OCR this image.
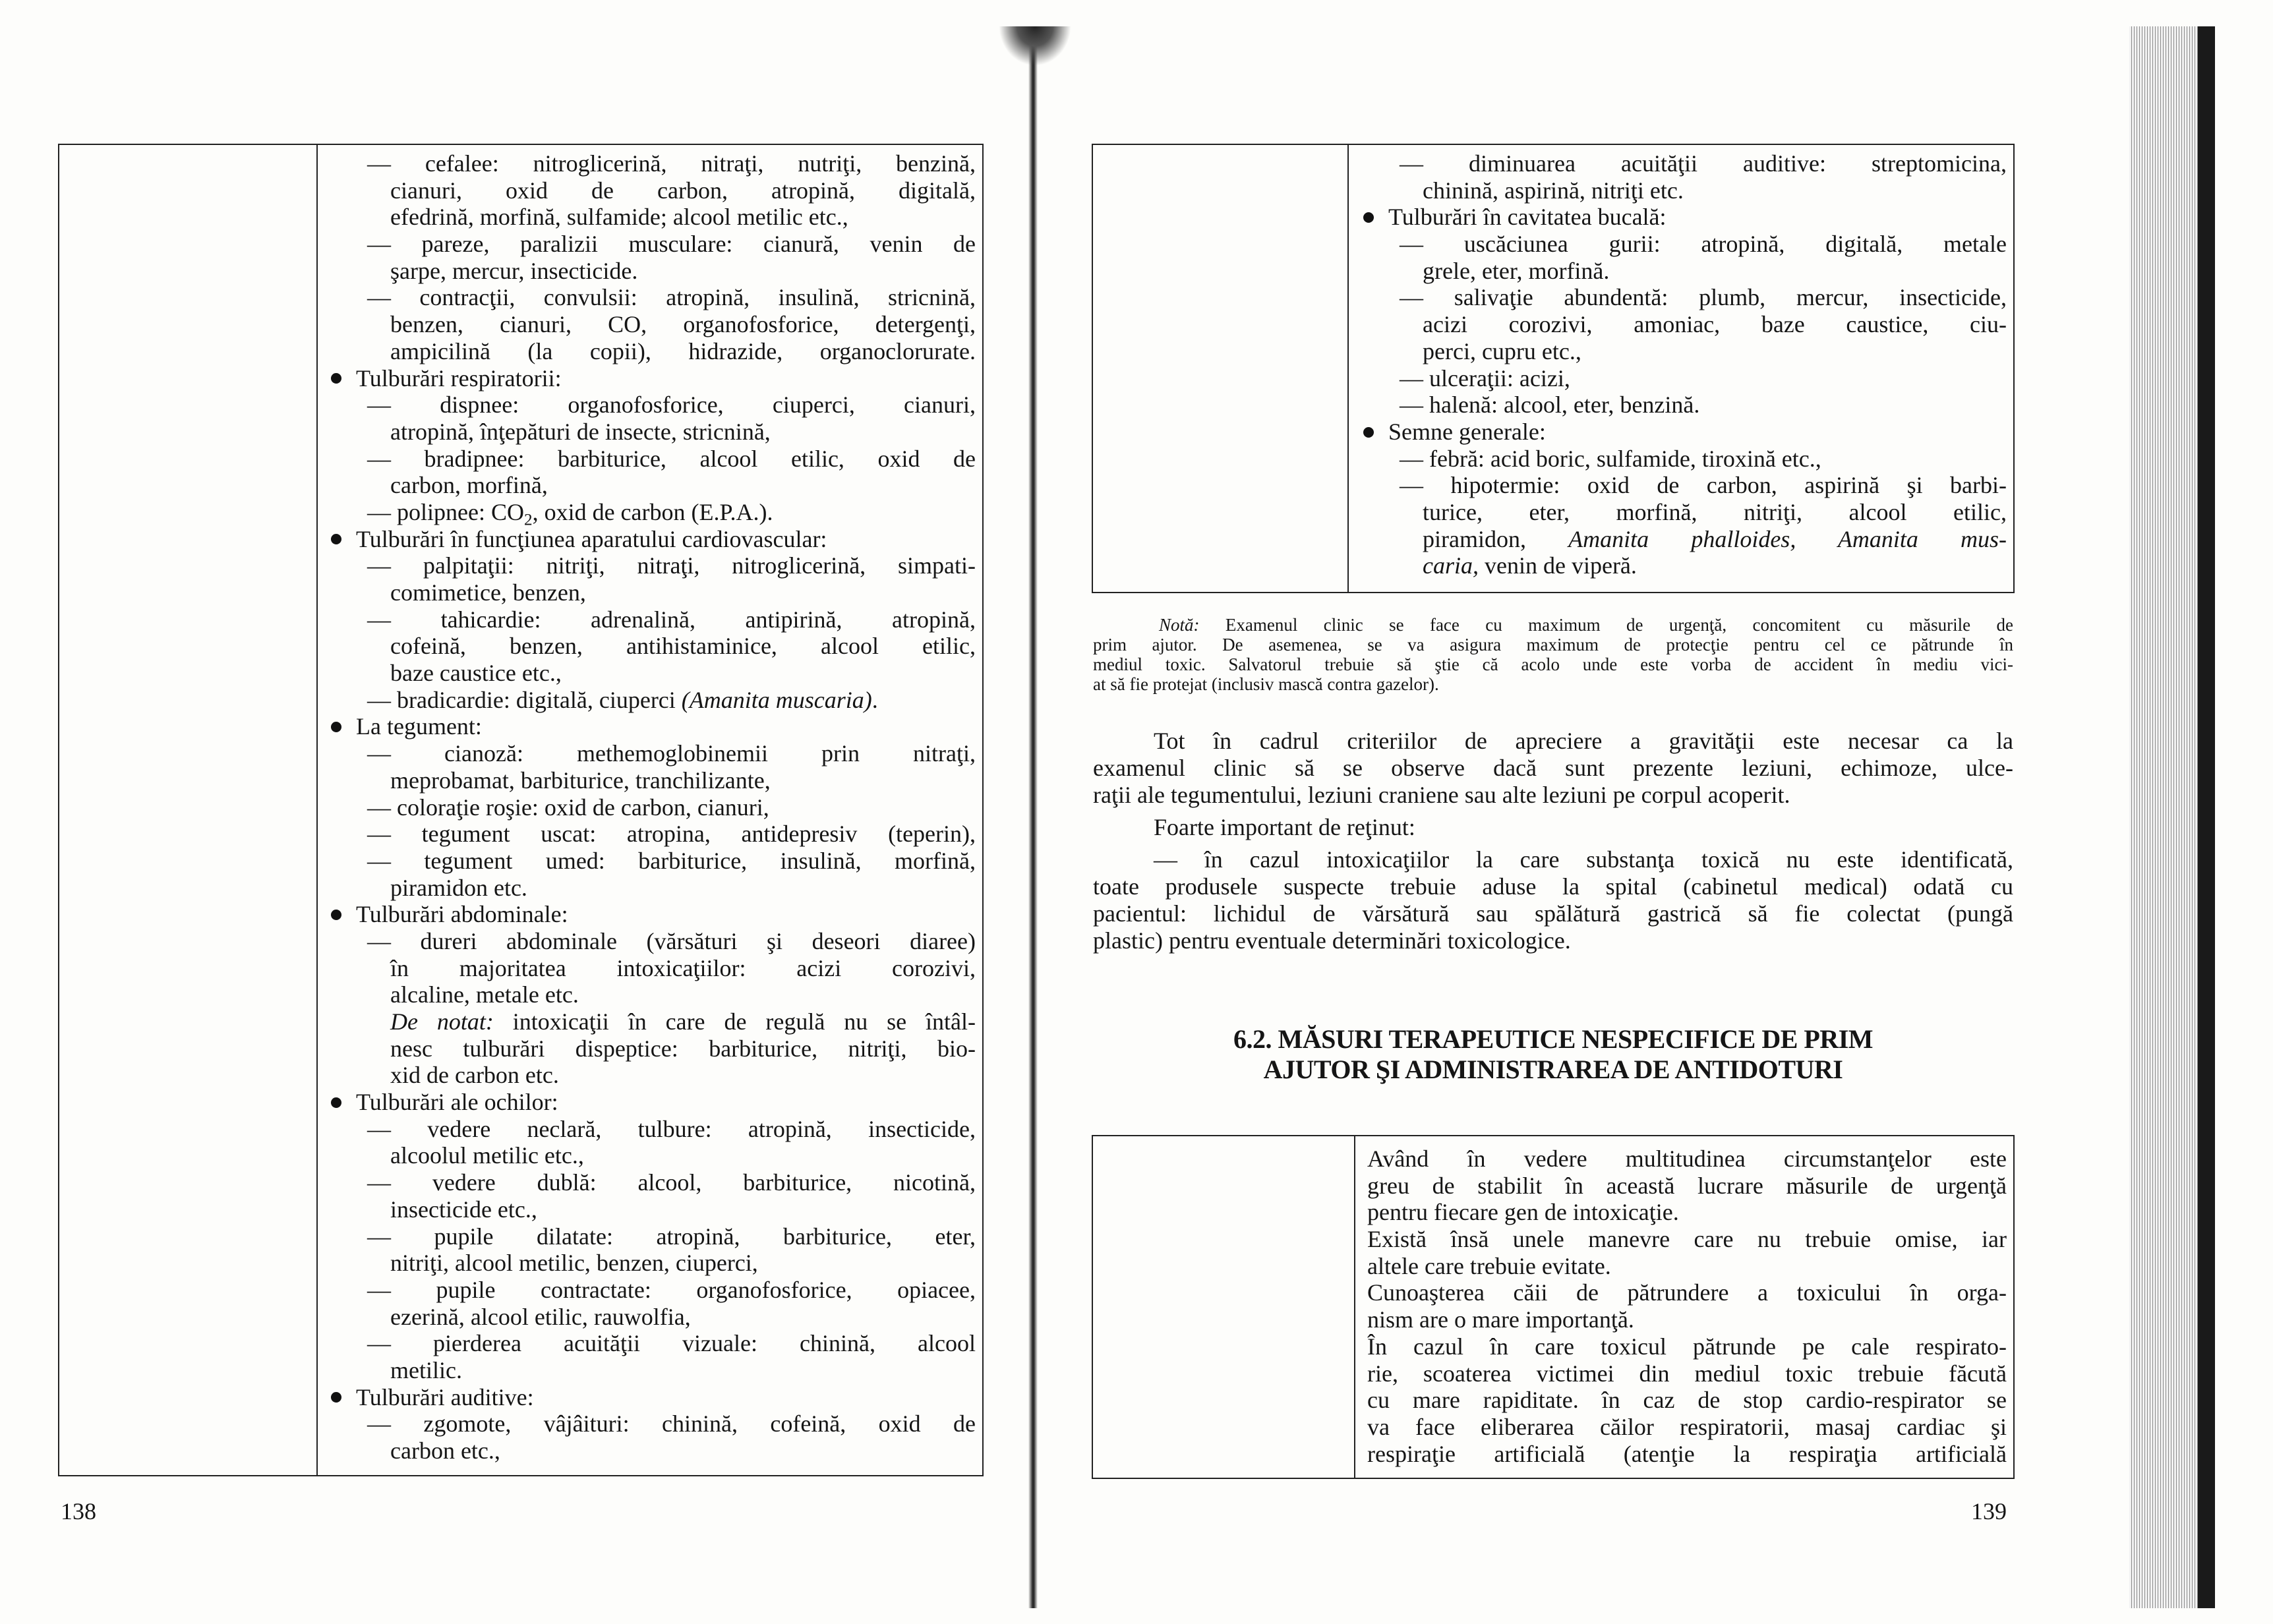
— cefalee: nitroglicerină, nitraţi, nutriţi, benzină,
cianuri, oxid de carbon, atropină, digitală,
efedrină, morfină, sulfamide; alcool metilic etc.,
— pareze, paralizii musculare: cianură, venin de
şarpe, mercur, insecticide.
— contracţii, convulsii: atropină, insulină, stricnină,
benzen, cianuri, CO, organofosforice, detergenţi,
ampicilină (la copii), hidrazide, organoclorurate.
Tulburări respiratorii:
— dispnee: organofosforice, ciuperci, cianuri,
atropină, înţepături de insecte, stricnină,
— bradipnee: barbiturice, alcool etilic, oxid de
carbon, morfină,
— polipnee: $CO_2$, oxid de carbon (E.P.A.).
Tulburări în funcţiunea aparatului cardiovascular:
— palpitaţii: nitriţi, nitraţi, nitroglicerină, simpati-
comimetice, benzen,
— tahicardie: adrenalină, antipirină, atropină,
cofeină, benzen, antihistaminice, alcool etilic,
baze caustice etc.,
— bradicardie: digitală, ciuperci (Amanita muscaria).
La tegument:
— cianoză: methemoglobinemii prin nitraţi,
meprobamat, barbiturice, tranchilizante,
— coloraţie roşie: oxid de carbon, cianuri,
— tegument uscat: atropina, antidepresiv (teperin),
— tegument umed: barbiturice, insulină, morfină,
piramidon etc.
Tulburări abdominale:
— dureri abdominale (vărsături şi deseori diaree)
în majoritatea intoxicaţiilor: acizi corozivi,
alcaline, metale etc.
De notat: intoxicaţii în care de regulă nu se întâl-
nesc tulburări dispeptice: barbiturice, nitriţi, bio-
xid de carbon etc.
Tulburări ale ochilor:
— vedere neclară, tulbure: atropină, insecticide,
alcoolul metilic etc.,
— vedere dublă: alcool, barbiturice, nicotină,
insecticide etc.,
— pupile dilatate: atropină, barbiturice, eter,
nitriţi, alcool metilic, benzen, ciuperci,
— pupile contractate: organofosforice, opiacee,
ezerină, alcool etilic, rauwolfia,
— pierderea acuităţii vizuale: chinină, alcool
metilic.
Tulburări auditive:
— zgomote, vâjâituri: chinină, cofeină, oxid de
carbon etc.,
138
— diminuarea acuităţii auditive: streptomicina,
chinină, aspirină, nitriţi etc.
Tulburări în cavitatea bucală:
— uscăciunea gurii: atropină, digitală, metale
grele, eter, morfină.
— salivaţie abundentă: plumb, mercur, insecticide,
acizi corozivi, amoniac, baze caustice, ciu-
perci, cupru etc.,
— ulceraţii: acizi,
— halenă: alcool, eter, benzină.
Semne generale:
— febră: acid boric, sulfamide, tiroxină etc.,
— hipotermie: oxid de carbon, aspirină şi barbi-
turice, eter, morfină, nitriţi, alcool etilic,
piramidon, Amanita phalloides, Amanita mus-
caria, venin de viperă.
Notă: Examenul clinic se face cu maximum de urgenţă, concomitent cu măsurile de
prim ajutor. De asemenea, se va asigura maximum de protecţie pentru cel ce pătrunde în
mediul toxic. Salvatorul trebuie să ştie că acolo unde este vorba de accident în mediu vici-
at să fie protejat (inclusiv mască contra gazelor).
Tot în cadrul criteriilor de apreciere a gravităţii este necesar ca la
examenul clinic să se observe dacă sunt prezente leziuni, echimoze, ulce-
raţii ale tegumentului, leziuni craniene sau alte leziuni pe corpul acoperit.
Foarte important de reţinut:
— în cazul intoxicaţiilor la care substanţa toxică nu este identificată,
toate produsele suspecte trebuie aduse la spital (cabinetul medical) odată cu
pacientul: lichidul de vărsătură sau spălătură gastrică să fie colectat (pungă
plastic) pentru eventuale determinări toxicologice.
6.2. MĂSURI TERAPEUTICE NESPECIFICE DE PRIM
AJUTOR ŞI ADMINISTRAREA DE ANTIDOTURI
Având în vedere multitudinea circumstanţelor este
greu de stabilit în această lucrare măsurile de urgenţă
pentru fiecare gen de intoxicaţie.
Există însă unele manevre care nu trebuie omise, iar
altele care trebuie evitate.
Cunoaşterea căii de pătrundere a toxicului în orga-
nism are o mare importanţă.
În cazul în care toxicul pătrunde pe cale respirato-
rie, scoaterea victimei din mediul toxic trebuie făcută
cu mare rapiditate. în caz de stop cardio-respirator se
va face eliberarea căilor respiratorii, masaj cardiac şi
respiraţie artificială (atenţie la respiraţia artificială
139
